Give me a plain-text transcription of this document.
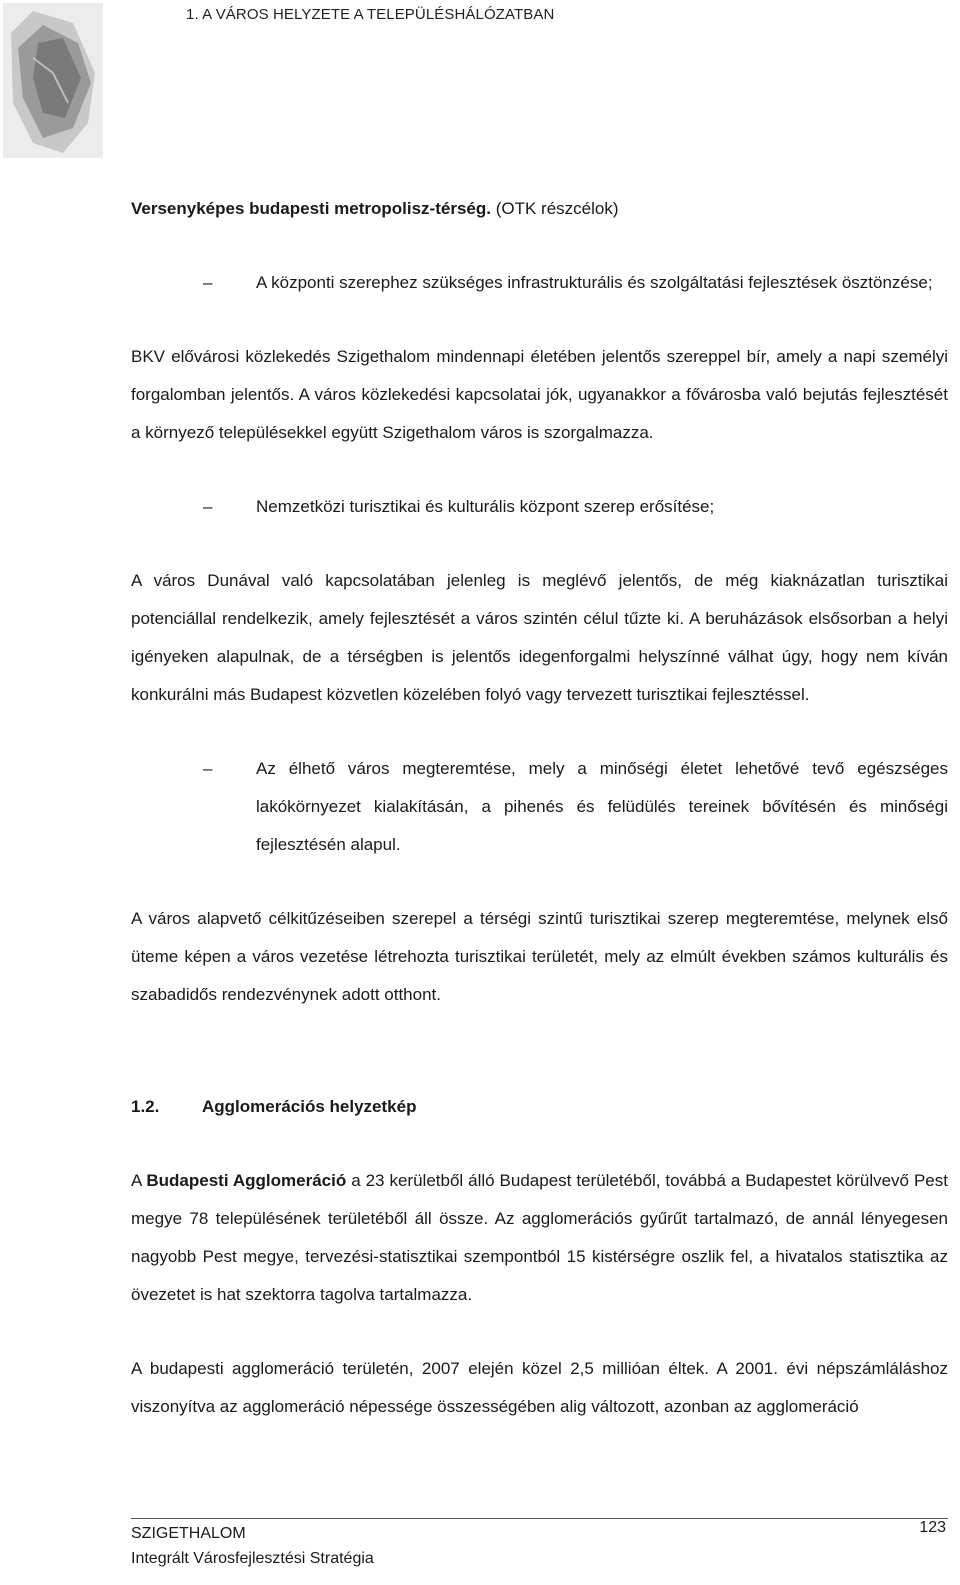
1. A VÁROS HELYZETE A TELEPÜLÉSHÁLÓZATBAN

Versenyképes budapesti metropolisz-térség. (OTK részcélok)

–	A központi szerephez szükséges infrastrukturális és szolgáltatási fejlesztések ösztönzése;

BKV elővárosi közlekedés Szigethalom mindennapi életében jelentős szereppel bír, amely a napi személyi forgalomban jelentős. A város közlekedési kapcsolatai jók, ugyanakkor a fővárosba való bejutás fejlesztését a környező településekkel együtt Szigethalom város is szorgalmazza.

–	Nemzetközi turisztikai és kulturális központ szerep erősítése;

A város Dunával való kapcsolatában jelenleg is meglévő jelentős, de még kiaknázatlan turisztikai potenciállal rendelkezik, amely fejlesztését a város szintén célul tűzte ki. A beruházások elsősorban a helyi igényeken alapulnak, de a térségben is jelentős idegenforgalmi helyszínné válhat úgy, hogy nem kíván konkurálni más Budapest közvetlen közelében folyó vagy tervezett turisztikai fejlesztéssel.

–	Az élhető város megteremtése, mely a minőségi életet lehetővé tevő egészséges lakókörnyezet kialakításán, a pihenés és felüdülés tereinek bővítésén és minőségi fejlesztésén alapul.

A város alapvető célkitűzéseiben szerepel a térségi szintű turisztikai szerep megteremtése, melynek első üteme képen a város vezetése létrehozta turisztikai területét, mely az elmúlt években számos kulturális és szabadidős rendezvénynek adott otthont.

1.2.	Agglomerációs helyzetkép

A Budapesti Agglomeráció a 23 kerületből álló Budapest területéből, továbbá a Budapestet körülvevő Pest megye 78 településének területéből áll össze. Az agglomerációs gyűrűt tartalmazó, de annál lényegesen nagyobb Pest megye, tervezési-statisztikai szempontból 15 kistérségre oszlik fel, a hivatalos statisztika az övezetet is hat szektorra tagolva tartalmazza.

A budapesti agglomeráció területén, 2007 elején közel 2,5 millióan éltek. A 2001. évi népszámláláshoz viszonyítva az agglomeráció népessége összességében alig változott, azonban az agglomeráció

SZIGETHALOM
Integrált Városfejlesztési Stratégia
123
